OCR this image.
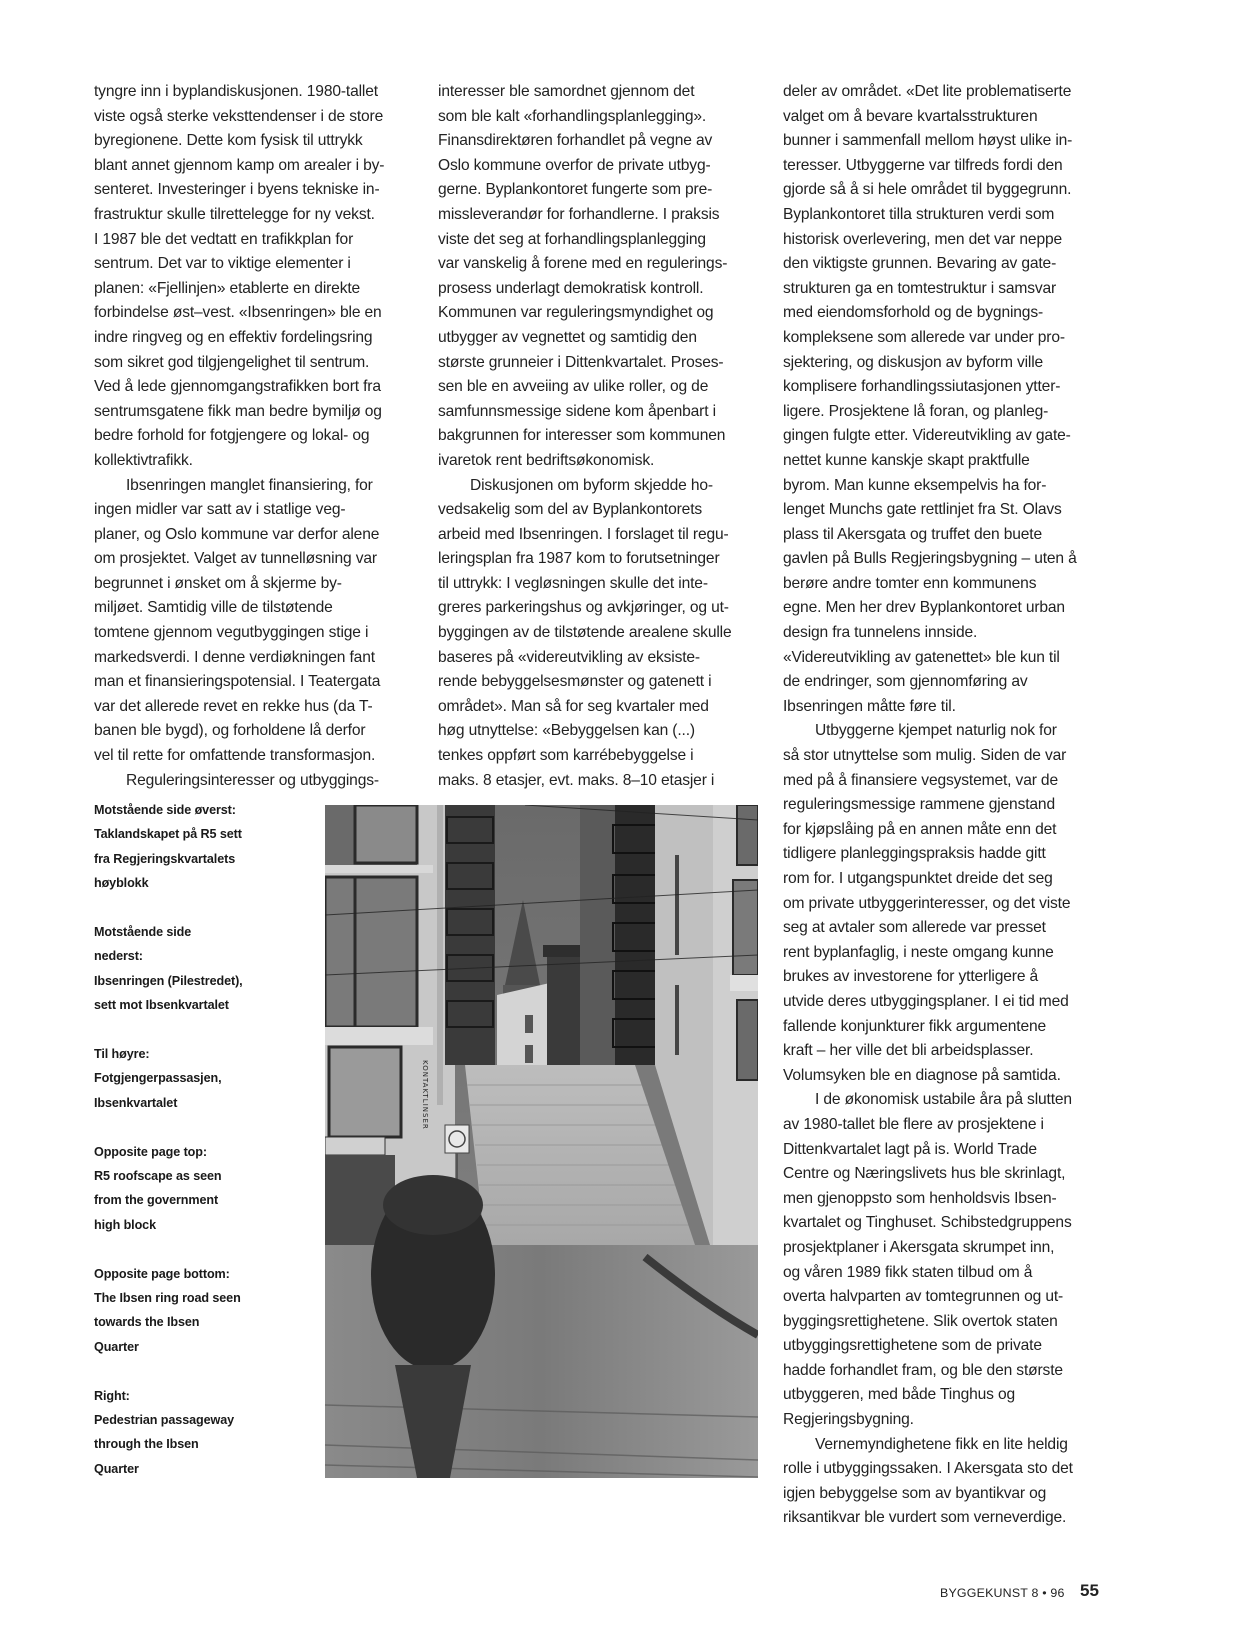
tyngre inn i byplandiskusjonen. 1980-tallet
viste også sterke veksttendenser i de store
byregionene. Dette kom fysisk til uttrykk
blant annet gjennom kamp om arealer i by-
senteret. Investeringer i byens tekniske in-
frastruktur skulle tilrettelegge for ny vekst.
I 1987 ble det vedtatt en trafikkplan for
sentrum. Det var to viktige elementer i
planen: «Fjellinjen» etablerte en direkte
forbindelse øst–vest. «Ibsenringen» ble en
indre ringveg og en effektiv fordelingsring
som sikret god tilgjengelighet til sentrum.
Ved å lede gjennomgangstrafikken bort fra
sentrumsgatene fikk man bedre bymiljø og
bedre forhold for fotgjengere og lokal- og
kollektivtrafikk.
Ibsenringen manglet finansiering, for
ingen midler var satt av i statlige veg-
planer, og Oslo kommune var derfor alene
om prosjektet. Valget av tunnelløsning var
begrunnet i ønsket om å skjerme by-
miljøet. Samtidig ville de tilstøtende
tomtene gjennom vegutbyggingen stige i
markedsverdi. I denne verdiøkningen fant
man et finansieringspotensial. I Teatergata
var det allerede revet en rekke hus (da T-
banen ble bygd), og forholdene lå derfor
vel til rette for omfattende transformasjon.
Reguleringsinteresser og utbyggings-
interesser ble samordnet gjennom det
som ble kalt «forhandlingsplanlegging».
Finansdirektøren forhandlet på vegne av
Oslo kommune overfor de private utbyg-
gerne. Byplankontoret fungerte som pre-
missleverandør for forhandlerne. I praksis
viste det seg at forhandlingsplanlegging
var vanskelig å forene med en regulerings-
prosess underlagt demokratisk kontroll.
Kommunen var reguleringsmyndighet og
utbygger av vegnettet og samtidig den
største grunneier i Dittenkvartalet. Proses-
sen ble en avveiing av ulike roller, og de
samfunnsmessige sidene kom åpenbart i
bakgrunnen for interesser som kommunen
ivaretok rent bedriftsøkonomisk.
Diskusjonen om byform skjedde ho-
vedsakelig som del av Byplankontorets
arbeid med Ibsenringen. I forslaget til regu-
leringsplan fra 1987 kom to forutsetninger
til uttrykk: I vegløsningen skulle det inte-
greres parkeringshus og avkjøringer, og ut-
byggingen av de tilstøtende arealene skulle
baseres på «videreutvikling av eksiste-
rende bebyggelsesmønster og gatenett i
området». Man så for seg kvartaler med
høg utnyttelse: «Bebyggelsen kan (...)
tenkes oppført som karrébebyggelse i
maks. 8 etasjer, evt. maks. 8–10 etasjer i
deler av området. «Det lite problematiserte
valget om å bevare kvartalsstrukturen
bunner i sammenfall mellom høyst ulike in-
teresser. Utbyggerne var tilfreds fordi den
gjorde så å si hele området til byggegrunn.
Byplankontoret tilla strukturen verdi som
historisk overlevering, men det var neppe
den viktigste grunnen. Bevaring av gate-
strukturen ga en tomtestruktur i samsvar
med eiendomsforhold og de bygnings-
kompleksene som allerede var under pro-
sjektering, og diskusjon av byform ville
komplisere forhandlingssiutasjonen ytter-
ligere. Prosjektene lå foran, og planleg-
gingen fulgte etter. Videreutvikling av gate-
nettet kunne kanskje skapt praktfulle
byrom. Man kunne eksempelvis ha for-
lenget Munchs gate rettlinjet fra St. Olavs
plass til Akersgata og truffet den buete
gavlen på Bulls Regjeringsbygning – uten å
berøre andre tomter enn kommunens
egne. Men her drev Byplankontoret urban
design fra tunnelens innside.
«Videreutvikling av gatenettet» ble kun til
de endringer, som gjennomføring av
Ibsenringen måtte føre til.
Utbyggerne kjempet naturlig nok for
så stor utnyttelse som mulig. Siden de var
med på å finansiere vegsystemet, var de
reguleringsmessige rammene gjenstand
for kjøpslåing på en annen måte enn det
tidligere planleggingspraksis hadde gitt
rom for. I utgangspunktet dreide det seg
om private utbyggerinteresser, og det viste
seg at avtaler som allerede var presset
rent byplanfaglig, i neste omgang kunne
brukes av investorene for ytterligere å
utvide deres utbyggingsplaner. I ei tid med
fallende konjunkturer fikk argumentene
kraft – her ville det bli arbeidsplasser.
Volumsyken ble en diagnose på samtida.
I de økonomisk ustabile åra på slutten
av 1980-tallet ble flere av prosjektene i
Dittenkvartalet lagt på is. World Trade
Centre og Næringslivets hus ble skrinlagt,
men gjenoppsto som henholdsvis Ibsen-
kvartalet og Tinghuset. Schibstedgruppens
prosjektplaner i Akersgata skrumpet inn,
og våren 1989 fikk staten tilbud om å
overta halvparten av tomtegrunnen og ut-
byggingsrettighetene. Slik overtok staten
utbyggingsrettighetene som de private
hadde forhandlet fram, og ble den største
utbyggeren, med både Tinghus og
Regjeringsbygning.
Vernemyndighetene fikk en lite heldig
rolle i utbyggingssaken. I Akersgata sto det
igjen bebyggelse som av byantikvar og
riksantikvar ble vurdert som verneverdige.
Motstående side øverst:
Taklandskapet på R5 sett
fra Regjeringskvartalets
høyblokk
Motstående side
nederst:
Ibsenringen (Pilestredet),
sett mot Ibsenkvartalet
Til høyre:
Fotgjengerpassasjen,
Ibsenkvartalet
Opposite page top:
R5 roofscape as seen
from the government
high block
Opposite page bottom:
The Ibsen ring road seen
towards the Ibsen
Quarter
Right:
Pedestrian passageway
through the Ibsen
Quarter
KONTAKTLINSER
BYGGEKUNST 8 • 96 55
